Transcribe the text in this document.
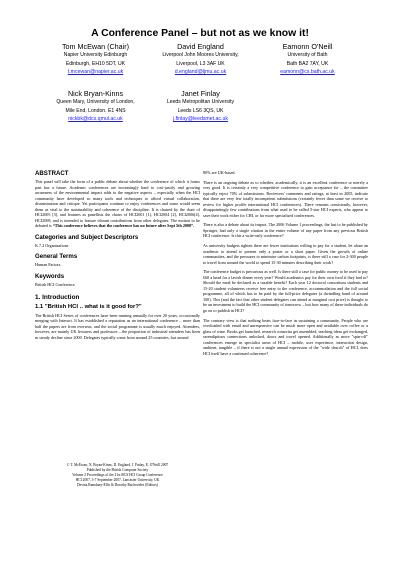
A Conference Panel – but not as we know it!
Tom McEwan (Chair)
Napier University Edinburgh
Edinburgh, EH10 5DT, UK
t.mcewan@napier.ac.uk
David England
Liverpool John Moores University,
Liverpool, L3 3AF UK
d.england@ljmu.ac.uk
Eamonn O'Neill
University of Bath
Bath BA2 7AY, UK
eamonn@cs.bath.ac.uk
Nick Bryan-Kinns
Queen Mary, University of London,
Mile End, London. E1 4NS
nickbk@dcs.qmul.ac.uk
Janet Finlay
Leeds Metropolitan University
Leeds LS6 3QS, UK
j.finlay@leedsmet.ac.uk
ABSTRACT

This panel will take the form of a public debate about whether the conference of which it forms part has a future. Academic conferences are increasingly hard to cost-justify and growing awareness of the environmental impact adds to the negative aspects – especially when the HCI community have developed so many tools and techniques to afford virtual collaboration, dissemination and critique. Yet participants continue to enjoy conferences and some would seem them as vital to the sustainability and coherence of the discipline. It is chaired by the chair of HCI2005 [3], and features as panellists the chairs of HCI2001 [1], HCI2004 [2], HCI2006[4], HCI2008, and is intended to feature vibrant contributions from other delegates. The motion to be debated is “This conference believes that the conference has no future after Sept 5th 2008”.

Categories and Subject Descriptors

K.7.2 Organizations

General Terms

Human Factors.

Keywords

British HCI Conference.

1. Introduction
1.1 "British HCI .. what is it good for?"

The British HCI Series of conferences have been running annually for over 20 years, occasionally merging with Interact. It has established a reputation as an international conference – more than half the papers are from overseas, and the social programme is usually much enjoyed. Attendees, however, are mainly UK lecturers and professors – the proportion of industrial attendees has been in steady decline since 2000. Delegates typically come from around 25 countries, but around

© T. McEwan, N. Bryan-Kinns, D. England, J. Finlay, E. O'Neill 2007
Published by the British Computer Society
Volume 2 Proceedings of the 21st BCS HCI Group Conference
HCI 2007, 3-7 September 2007, Lancaster University, UK
Devina Ramduny-Ellis & Dorothy Rachovides (Editors)

80% are UK-based.

There is an ongoing debate as to whether, academically, it is an excellent conference or merely a very good. It is certainly a very competitive conference to gain acceptance for – the committee typically reject 70% of submissions. Reviewers' comments and ratings, at least in 2005, indicate that there are very few totally incompetent submissions (certainly fewer than some we receive to review for higher profile international HCI conferences). There remains consistently, however, disappointingly few contributions from what used to be called 5-star HCI experts, who appear to save their work either for CHI, or for more specialised conferences.

There is also a debate about its impact. The 2006 Volume 1 proceedings, the last to be published by Springer, had only a single citation in the entire volume of any paper from any previous British HCI conference. Is this a write-only conference?

As university budgets tighten there are fewer institutions willing to pay for a student, let alone an academic to attend to present only a poster or a short paper. Given the growth of online communities, and the pressures to minimise carbon footprints, is there still a case for 2-300 people to travel from around the world to spend 15-30 minutes describing their work?

The conference budget is precarious as well. Is there still a case for public money to be used to pay £60 a head for a lavish dinner every year? Would academics pay for their own food if they had to? Should the meal be declared as a taxable benefit? Each year 12 doctoral consortium students and 15-20 student volunteers receive free entry to the conference, accommodation and the full social programme, all of which has to be paid by the full-price delegates (a dwindling band of around 100). This (and the fact that other student delegates can attend at marginal cost price) is thought to be an investment to build the HCI community of tomorrow – but how many of these individuals do go on to publish in HCI?

The contrary view is that nothing beats face-to-face in sustaining a community. People who are overloaded with email and unresponsive can be much more open and available over coffee or a glass of wine. Books get launched, research consortia get assembled, teaching ideas get exchanged, serendipitous connections unlocked, doors and travel opened. Additionally as more "spin-off" conferences emerge in specialist areas of HCI – mobile, user experience, interaction design, ambient, tangible – if there is not a single annual expression of the "wide church" of HCI, does HCI itself have a continued coherence?
